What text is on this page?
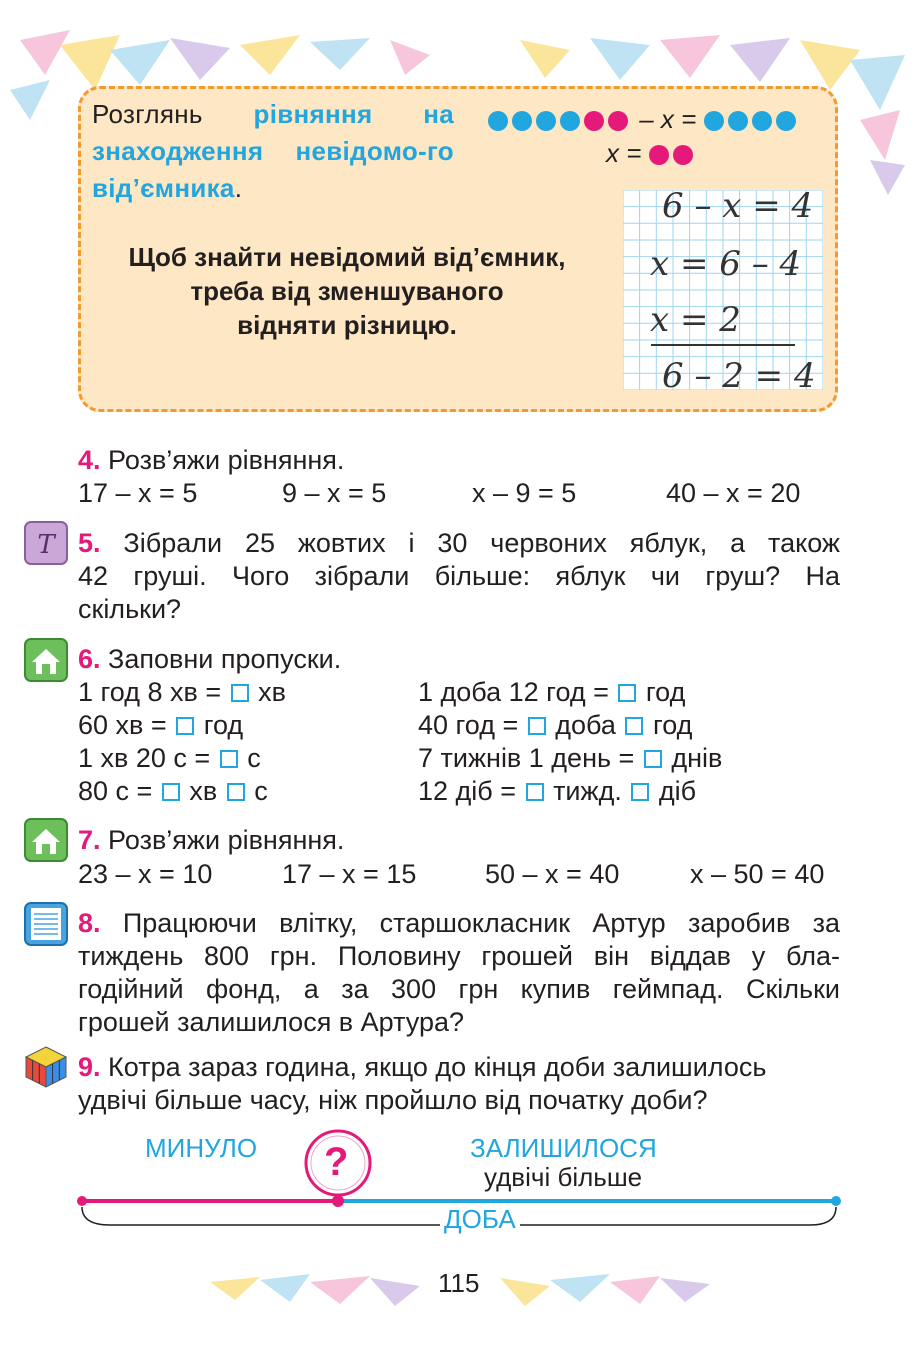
Розглянь рівняння на знаходження невідомо-го від’ємника.
– x =
x =
6 – x = 4
x = 6 – 4
x = 2
6 – 2 = 4
Щоб знайти невідомий від’ємник,
треба від зменшуваного
відняти різницю.
4. Розв’яжи рівняння.
17 – x = 5	9 – x = 5	x – 9 = 5	40 – x = 20
Т 5. Зібрали 25 жовтих і 30 червоних яблук, а також
42 груші. Чого зібрали більше: яблук чи груш? На
скільки?
6. Заповни пропуски.
1 год 8 хв = хв
60 хв = год
1 хв 20 с = с
80 с = хв с
1 доба 12 год = год
40 год = доба год
7 тижнів 1 день = днів
12 діб = тижд. діб
7. Розв’яжи рівняння.
23 – x = 10	17 – x = 15	50 – x = 40	x – 50 = 40
8. Працюючи влітку, старшокласник Артур заробив за
тиждень 800 грн. Половину грошей він віддав у бла-
годійний фонд, а за 300 грн купив геймпад. Скільки
грошей залишилося в Артура?
9. Котра зараз година, якщо до кінця доби залишилось
удвічі більше часу, ніж пройшло від початку доби?
МИНУЛО	ЗАЛИШИЛОСЯ
удвічі більше
?
ДОБА
115
